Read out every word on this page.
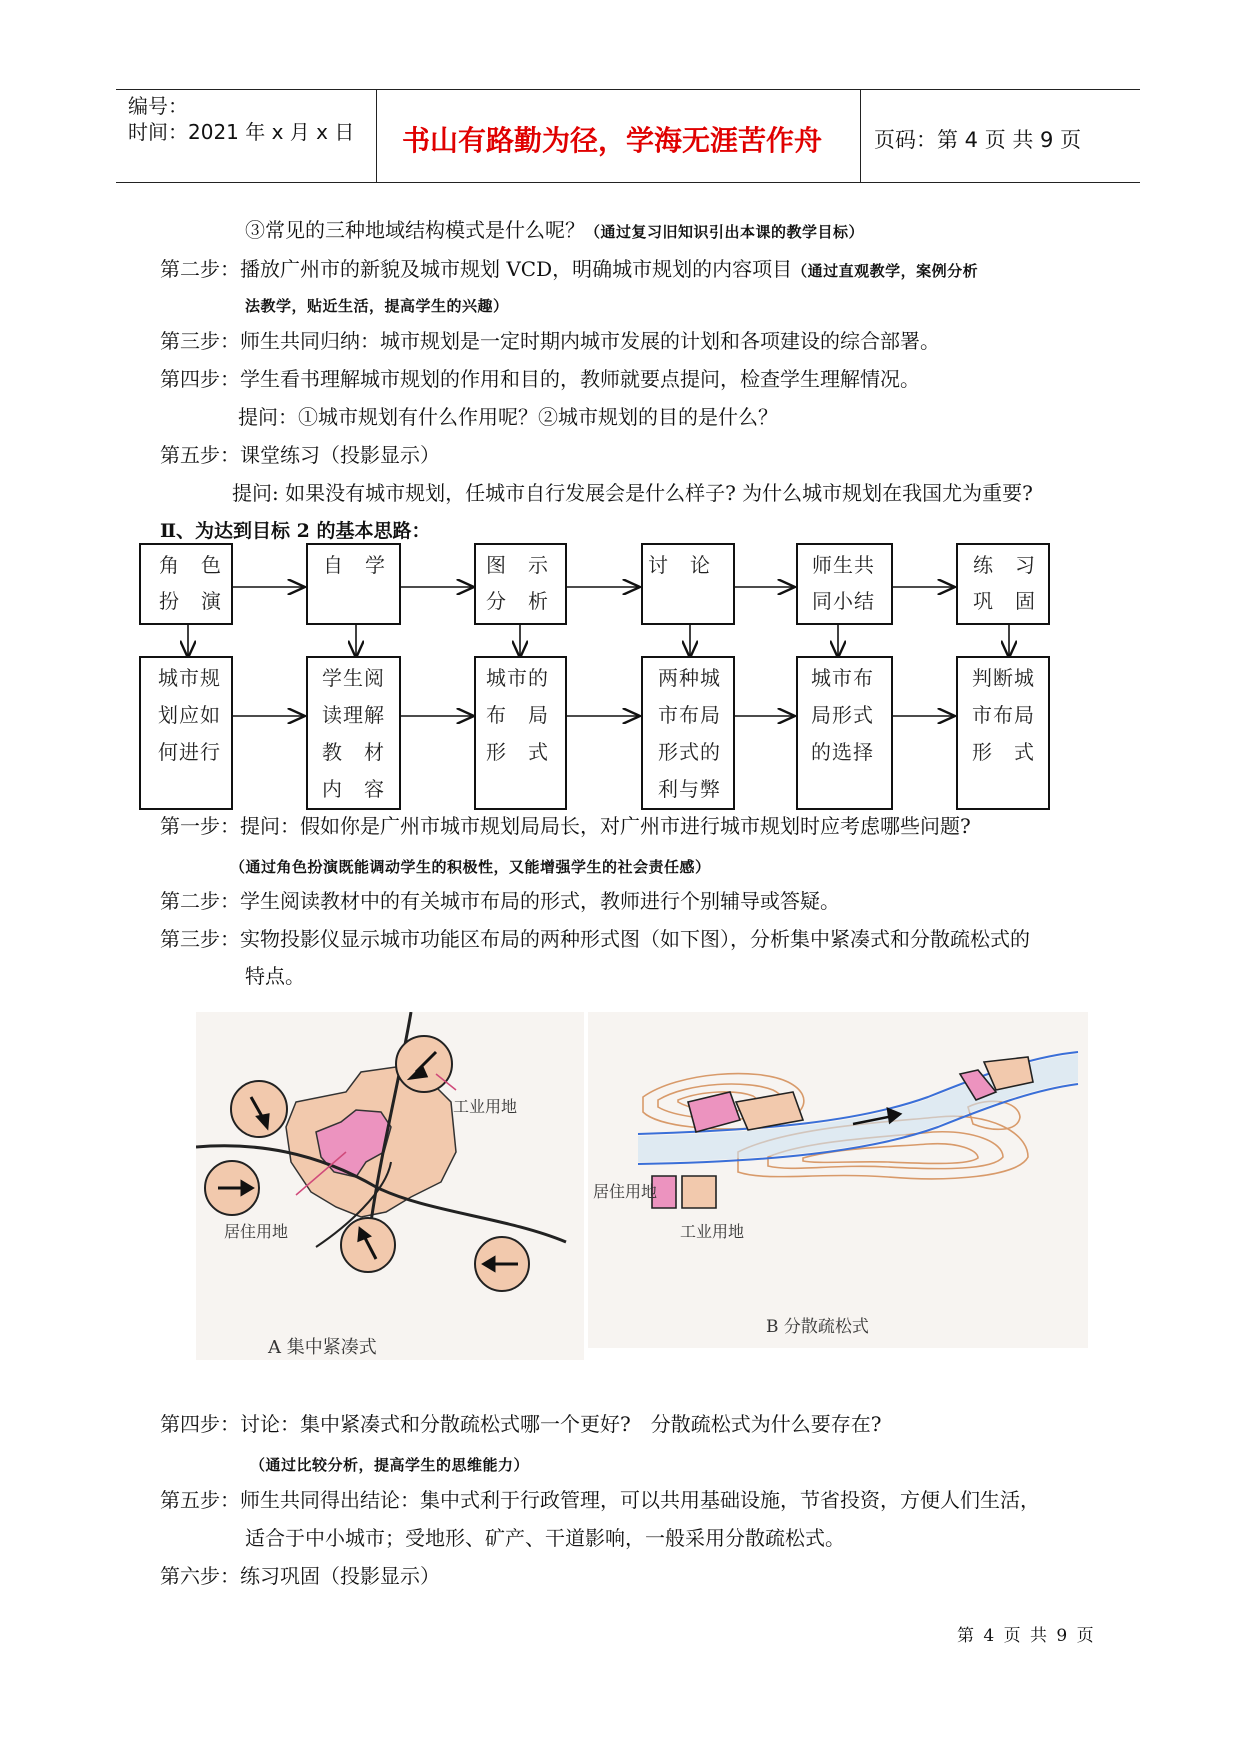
编号：
时间：2021 年 x 月 x 日 书山有路勤为径，学海无涯苦作舟 页码：第 4 页 共 9 页
③常见的三种地域结构模式是什么呢？（通过复习旧知识引出本课的教学目标）
第二步：播放广州市的新貌及城市规划 VCD，明确城市规划的内容项目（通过直观教学，案例分析
法教学，贴近生活，提高学生的兴趣）
第三步：师生共同归纳：城市规划是一定时期内城市发展的计划和各项建设的综合部署。
第四步：学生看书理解城市规划的作用和目的，教师就要点提问，检查学生理解情况。
提问：①城市规划有什么作用呢？②城市规划的目的是什么？
第五步：课堂练习（投影显示）
提问: 如果没有城市规划，任城市自行发展会是什么样子? 为什么城市规划在我国尤为重要?
Ⅱ、为达到目标 2 的基本思路：
角　色
扮　演
自　学	图　示
分　析
讨　论	师生共
同小结
练　习
巩　固
城市规
划应如
何进行
学生阅
读理解
教　材
内　容
城市的
布　局
形　式
两种城
市布局
形式的
利与弊
城市布
局形式
的选择
判断城
市布局
形　式
第一步：提问：假如你是广州市城市规划局局长，对广州市进行城市规划时应考虑哪些问题?
（通过角色扮演既能调动学生的积极性，又能增强学生的社会责任感）
第二步：学生阅读教材中的有关城市布局的形式，教师进行个别辅导或答疑。
第三步：实物投影仪显示城市功能区布局的两种形式图（如下图），分析集中紧凑式和分散疏松式的
特点。
工业用地
居住用地
A 集中紧凑式
居住用地
工业用地
B 分散疏松式
第四步：讨论：集中紧凑式和分散疏松式哪一个更好?　分散疏松式为什么要存在?
（通过比较分析，提高学生的思维能力）
第五步：师生共同得出结论：集中式利于行政管理，可以共用基础设施，节省投资，方便人们生活，
适合于中小城市；受地形、矿产、干道影响，一般采用分散疏松式。
第六步：练习巩固（投影显示）
第 4 页 共 9 页
